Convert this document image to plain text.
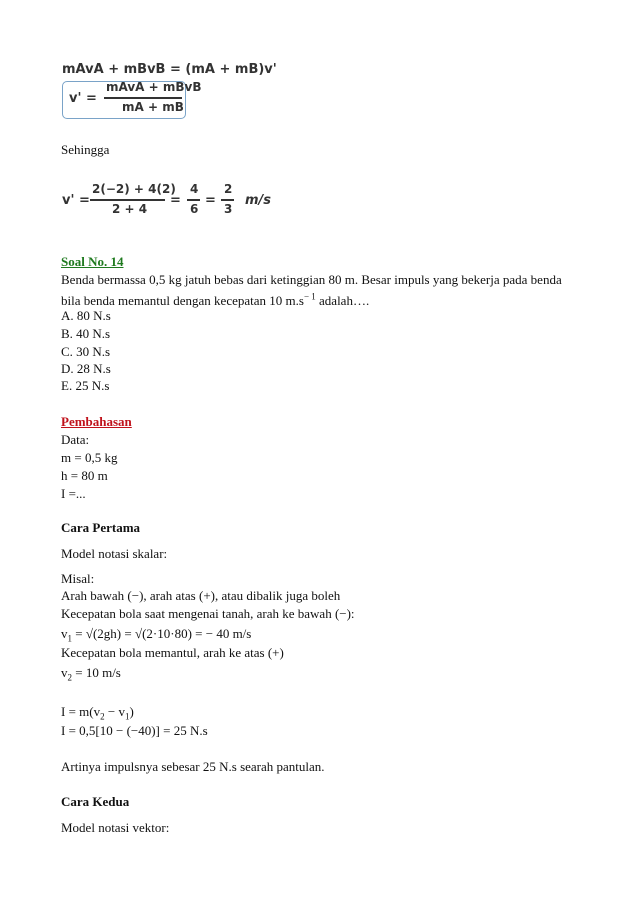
mAvA + mBvB = (mA + mB)v'
v' =
mAvA + mBvB
mA + mB
Sehingga
v' =
2(−2) + 4(2)
2 + 4
=
4
6
=
2
3
m/s
Soal No. 14
Benda bermassa 0,5 kg jatuh bebas dari ketinggian 80 m. Besar impuls yang bekerja pada benda
bila benda memantul dengan kecepatan 10 $m.s^{- 1}$ adalah….
A. 80 N.s
B. 40 N.s
C. 30 N.s
D. 28 N.s
E. 25 N.s
Pembahasan
Data:
m = 0,5 kg
h = 80 m
I =...
Cara Pertama
Model notasi skalar:
Misal:
Arah bawah (−), arah atas (+), atau dibalik juga boleh
Kecepatan bola saat mengenai tanah, arah ke bawah (−):
$v_1 = √(2gh) = √(2\cdot 10\cdot 80)$ = − 40 m/s
Kecepatan bola memantul, arah ke atas (+)
$v_2 = 10$ m/s
$I = m(v_2 - v_1)$
I = 0,5[10 − (−40)] = 25 N.s
Artinya impulsnya sebesar 25 N.s searah pantulan.
Cara Kedua
Model notasi vektor:
